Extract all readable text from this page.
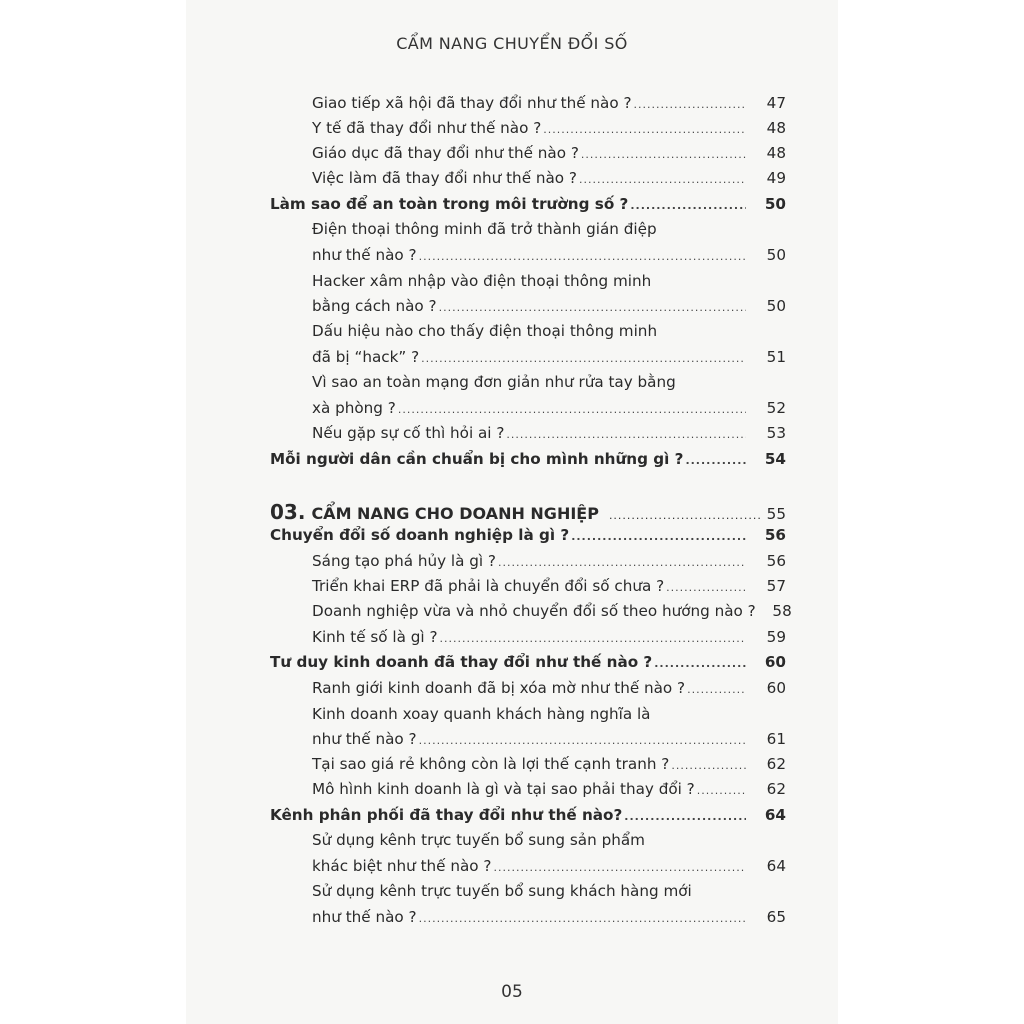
CẨM NANG CHUYỂN ĐỔI SỐ
Giao tiếp xã hội đã thay đổi như thế nào ? .....	47
Y tế đã thay đổi như thế nào ? .....	48
Giáo dục đã thay đổi như thế nào ? .....	48
Việc làm đã thay đổi như thế nào ? .....	49
Làm sao để an toàn trong môi trường số ? .....	50
Điện thoại thông minh đã trở thành gián điệp
như thế nào ? .....	50
Hacker xâm nhập vào điện thoại thông minh
bằng cách nào ? .....	50
Dấu hiệu nào cho thấy điện thoại thông minh
đã bị “hack” ? .....	51
Vì sao an toàn mạng đơn giản như rửa tay bằng
xà phòng ? .....	52
Nếu gặp sự cố thì hỏi ai ? .....	53
Mỗi người dân cần chuẩn bị cho mình những gì ? .....	54
03. CẨM NANG CHO DOANH NGHIỆP .....	55
Chuyển đổi số doanh nghiệp là gì ? .....	56
Sáng tạo phá hủy là gì ? .....	56
Triển khai ERP đã phải là chuyển đổi số chưa ? .....	57
Doanh nghiệp vừa và nhỏ chuyển đổi số theo hướng nào ?	58
Kinh tế số là gì ? .....	59
Tư duy kinh doanh đã thay đổi như thế nào ? .....	60
Ranh giới kinh doanh đã bị xóa mờ như thế nào ? .....	60
Kinh doanh xoay quanh khách hàng nghĩa là
như thế nào ? .....	61
Tại sao giá rẻ không còn là lợi thế cạnh tranh ? .....	62
Mô hình kinh doanh là gì và tại sao phải thay đổi ? .....	62
Kênh phân phối đã thay đổi như thế nào? .....	64
Sử dụng kênh trực tuyến bổ sung sản phẩm
khác biệt như thế nào ? .....	64
Sử dụng kênh trực tuyến bổ sung khách hàng mới
như thế nào ? .....	65
05
